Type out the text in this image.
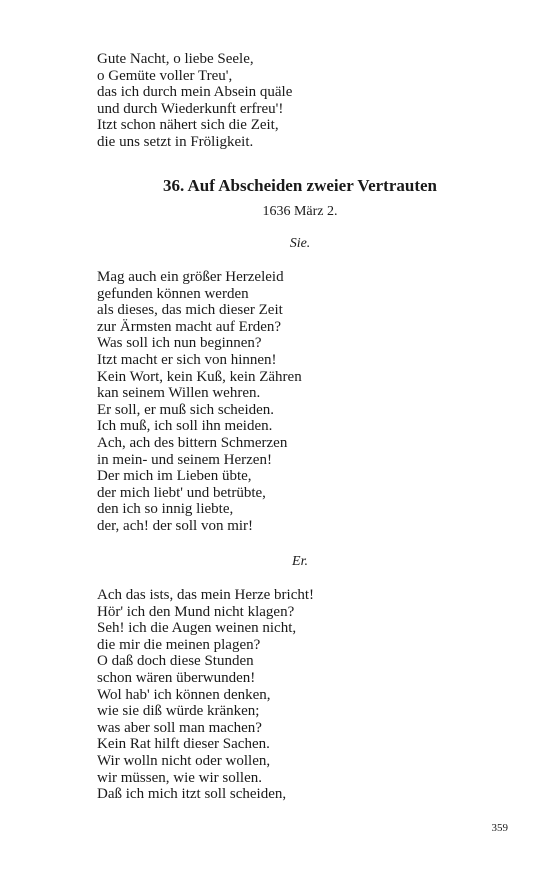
Gute Nacht, o liebe Seele,
o Gemüte voller Treu',
das ich durch mein Absein quäle
und durch Wiederkunft erfreu'!
Itzt schon nähert sich die Zeit,
die uns setzt in Fröligkeit.
36. Auf Abscheiden zweier Vertrauten
1636 März 2.
Sie.
Mag auch ein größer Herzeleid
gefunden können werden
als dieses, das mich dieser Zeit
zur Ärmsten macht auf Erden?
Was soll ich nun beginnen?
Itzt macht er sich von hinnen!
Kein Wort, kein Kuß, kein Zähren
kan seinem Willen wehren.
Er soll, er muß sich scheiden.
Ich muß, ich soll ihn meiden.
Ach, ach des bittern Schmerzen
in mein- und seinem Herzen!
Der mich im Lieben übte,
der mich liebt' und betrübte,
den ich so innig liebte,
der, ach! der soll von mir!
Er.
Ach das ists, das mein Herze bricht!
Hör' ich den Mund nicht klagen?
Seh! ich die Augen weinen nicht,
die mir die meinen plagen?
O daß doch diese Stunden
schon wären überwunden!
Wol hab' ich können denken,
wie sie diß würde kränken;
was aber soll man machen?
Kein Rat hilft dieser Sachen.
Wir wolln nicht oder wollen,
wir müssen, wie wir sollen.
Daß ich mich itzt soll scheiden,
359
